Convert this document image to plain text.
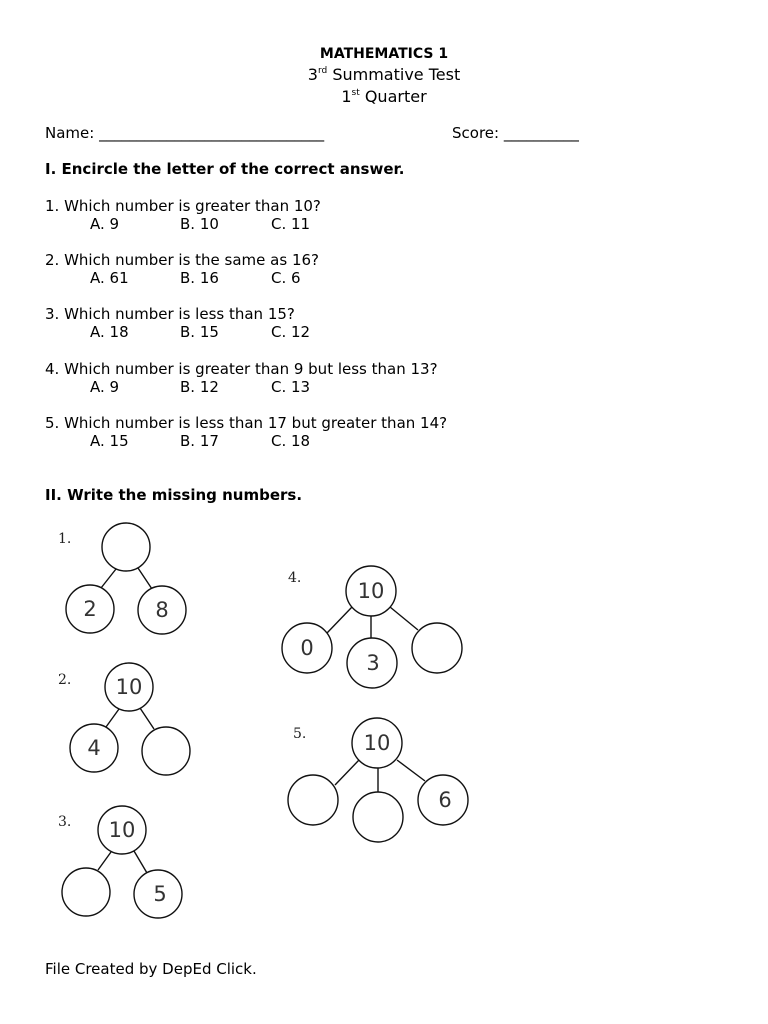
MATHEMATICS 1
3rd Summative Test
1st Quarter
Name: ______________________________	Score: __________
I. Encircle the letter of the correct answer.
1. Which number is greater than 10?
A. 9	B. 10	C. 11
2. Which number is the same as 16?
A. 61	B. 16	C. 6
3. Which number is less than 15?
A. 18	B. 15	C. 12
4. Which number is greater than 9 but less than 13?
A. 9	B. 12	C. 13
5. Which number is less than 17 but greater than 14?
A. 15	B. 17	C. 18
II. Write the missing numbers.
1.
2.
3.
4.
5.
2	8
10
4
10
5
10
0
3
10
6
File Created by DepEd Click.
